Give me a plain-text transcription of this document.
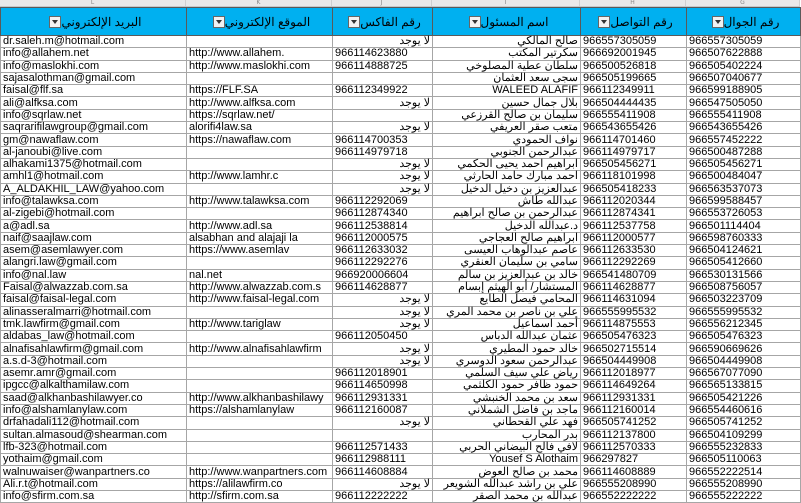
L	K	J	I	H	G
البريد الإلكتروني	الموقع الإلكتروني	رقم الفاكس	اسم المسئول	رقم التواصل	رقم الجوال
dr.saleh.m@hotmail.com		لا يوجد	صالح المالكي	966557305059	966557305059
info@allahem.net	http://www.allahem.	966114623880	سكرتير المكتب	966692001945	966507622888
info@maslokhi.com	http://www.maslokhi.com	966114888725	سلطان عطية المصلوخي	966500526818	966505402224
sajasalothman@gmail.com			سجى سعد العثمان	966505199665	966507040677
faisal@flf.sa	https://FLF.SA	966112349922	WALEED ALAFIF	966112349911	966599188905
ali@alfksa.com	http://www.alfksa.com	لا يوجد	بلال جمال حسين	966504444435	966547505050
info@sqrlaw.net	https://sqrlaw.net/		سليمان بن صالح القرزعي	966555411908	966555411908
saqrarifilawgroup@gmail.com	alorifi4law.sa	لا يوجد	متعب صقر العريفي	966543655426	966543655426
gm@nawaflaw.com	https://nawaflaw.com	966114700353	نواف الحمودي	966114701460	966557452222
al-janoubi@live.com		966114979718	عبدالرحمن الجنوبي	966114979717	966500487288
alhakami1375@hotmail.com		لا يوجد	ابراهيم احمد يحيى الحكمي	966505456271	966505456271
amhl1@hotmail.com	http://www.lamhr.c	لا يوجد	احمد مبارك حامد الحارثي	966118101998	966500484047
A_ALDAKHIL_LAW@yahoo.com		لا يوجد	عبدالعزيز بن دخيل الدخيل	966505418233	966563537073
info@talawksa.com	http://www.talawksa.com	966112292069	عبدالله طاش	966112020344	966599588457
al-zigebi@hotmail.com		966112874340	عبدالرحمن بن صالح ابراهيم	966112874341	966553726053
a@adl.sa	http://www.adl.sa	966112538814	د.عبدالله الدخيل	966112537758	966501114404
naif@saajlaw.com	alsabhan and alajaji la	966112000575	ابراهيم صالح العجاجي	966112000577	966598760333
asem@asemlawyer.com	https://www.asemlav	966112633032	عاصم عبدالوهاب العيسى	966112633530	966504124621
alangri.law@gmail.com		966112292276	سامي بن سليمان العنقري	966112292269	966505412660
info@nal.law	nal.net	966920006604	خالد بن عبدالعزيز بن سالم	966541480709	966530131566
Faisal@alwazzab.com.sa	http://www.alwazzab.com.s	966114628877	المستشار/ أبو الهيثم إبسام	966114628877	966508756057
faisal@faisal-legal.com	http://www.faisal-legal.com	لا يوجد	المحامي فيصل الطايع	966114631094	966503223709
alinasseralmarri@hotmail.com		لا يوجد	علي بن ناصر بن محمد المري	966555995532	966555995532
tmk.lawfirm@gmail.com	http://www.tariglaw	لا يوجد	أحمد اسماعيل	966114875553	966556212345
aldabas_law@hotmail.com		966112050450	عثمان عبدالله الدباس	966505476323	966505476323
alnafisahlawfirm@gmail.com	http://www.alnafisahlawfirm	لا يوجد	خالد حمود المطيري	966502715514	966590669626
a.s.d-3@hotmail.com		لا يوجد	عبدالرحمن سعود الدوسري	966504449908	966504449908
asemr.amr@gmail.com		966112018901	رياض علي سيف السلمي	966112018977	966567077090
ipgcc@alkalthamilaw.com		966114650998	حمود ظافر حمود الكلثمي	966114649264	966565133815
saad@alkhanbashilawyer.co	http://www.alkhanbashilawy	966112931331	سعد بن محمد الخنبشي	966112931331	966505421226
info@alshamlanylaw.com	https://alshamlanylaw	966112160087	ماجد بن فاضل الشملاني	966112160014	966554460616
drfahadali112@hotmail.com		لا يوجد	فهد علي القحطاني	966505741252	966505741252
sultan.almasoud@shearman.com			بدر المحارب	966112137800	966504109299
lfb-323@hotmail.com		966112571433	لافي فالح البيضاني الحربي	966112570333	966555232833
yothaim@gmail.com		966112988111	Yousef S Alothaim	966297827	966505110063
walnuwaiser@wanpartners.co	http://www.wanpartners.com	966114608884	محمد بن صالح العوض	966114608889	966552222514
Ali.r.t@hotmail.com	https://alilawfirm.co	لا يوجد	علي بن راشد عبدالله الشويعر	966555208990	966555208990
info@sfirm.com.sa	http://sfirm.com.sa	966112222222	عبدالله بن محمد الصقر	966552222222	966555222222
